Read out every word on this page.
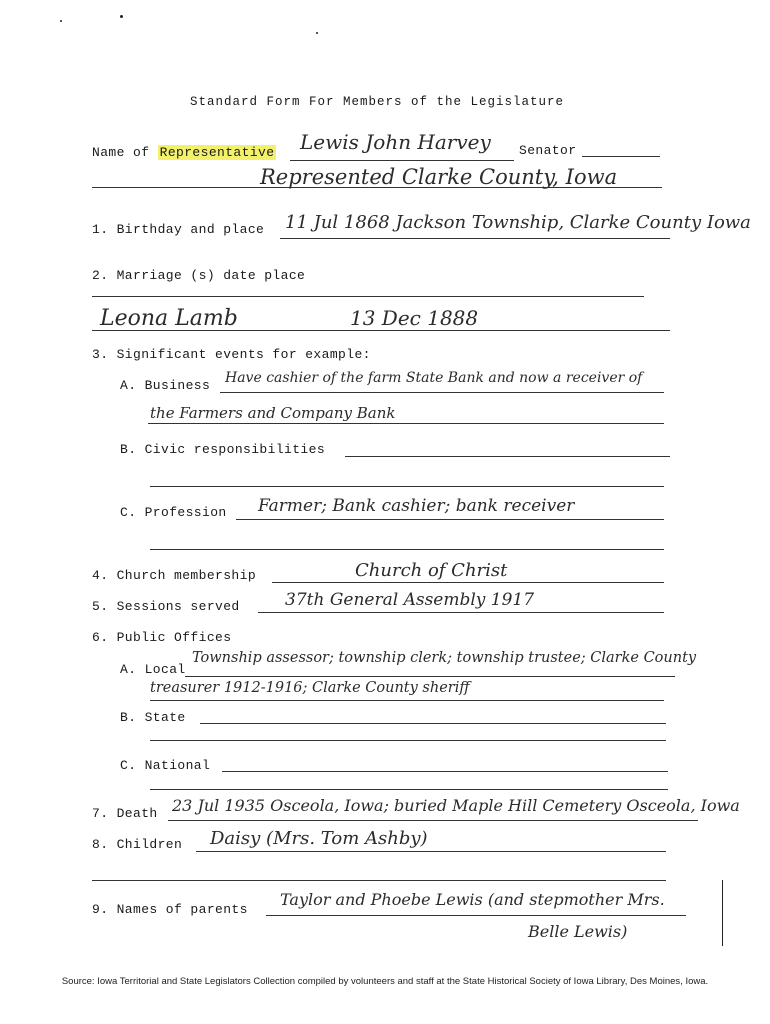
Standard Form For Members of the Legislature
Name of Representative Lewis John Harvey Senator
Represented Clarke County, Iowa
1. Birthday and place 11 Jul 1868 Jackson Township, Clarke County Iowa
2. Marriage (s) date place
Leona Lamb	13 Dec 1888
3. Significant events for example:
A. Business Have cashier of the farm State Bank and now a receiver of
the Farmers and Company Bank
B. Civic responsibilities
C. Profession Farmer; Bank cashier; bank receiver
4. Church membership	Church of Christ
5. Sessions served	37th General Assembly 1917
6. Public Offices
A. Local
Township assessor; township clerk; township trustee; Clarke County
treasurer 1912-1916; Clarke County sheriff
B. State
C. National
7. Death 23 Jul 1935 Osceola, Iowa; buried Maple Hill Cemetery Osceola, Iowa
8. Children Daisy (Mrs. Tom Ashby)
9. Names of parents
Taylor and Phoebe Lewis (and stepmother Mrs.
Belle Lewis)
Source: Iowa Territorial and State Legislators Collection compiled by volunteers and staff at the State Historical Society of Iowa Library, Des Moines, Iowa.
